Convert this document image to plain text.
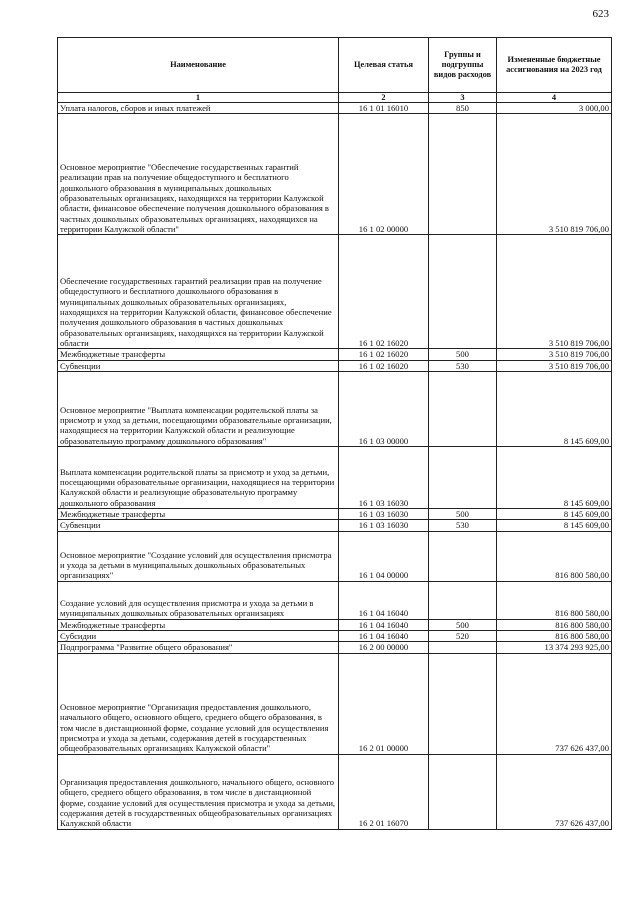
623
Наименование	Целевая статья	Группы и подгруппы видов расходов	Измененные бюджетные ассигнования на 2023 год
1	2	3	4
Уплата налогов, сборов и иных платежей	16 1 01 16010	850	3 000,00
Основное мероприятие "Обеспечение государственных гарантий реализации прав на получение общедоступного и бесплатного дошкольного образования в муниципальных дошкольных образовательных организациях, находящихся на территории Калужской области, финансовое обеспечение получения дошкольного образования в частных дошкольных образовательных организациях, находящихся на территории Калужской области"	16 1 02 00000		3 510 819 706,00
Обеспечение государственных гарантий реализации прав на получение общедоступного и бесплатного дошкольного образования в муниципальных дошкольных образовательных организациях, находящихся на территории Калужской области, финансовое обеспечение получения дошкольного образования в частных дошкольных образовательных организациях, находящихся на территории Калужской области	16 1 02 16020		3 510 819 706,00
Межбюджетные трансферты	16 1 02 16020	500	3 510 819 706,00
Субвенции	16 1 02 16020	530	3 510 819 706,00
Основное мероприятие "Выплата компенсации родительской платы за присмотр и уход за детьми, посещающими образовательные организации, находящиеся на территории Калужской области и реализующие образовательную программу дошкольного образования"	16 1 03 00000		8 145 609,00
Выплата компенсации родительской платы за присмотр и уход за детьми, посещающими образовательные организации, находящиеся на территории Калужской области и реализующие образовательную программу дошкольного образования	16 1 03 16030		8 145 609,00
Межбюджетные трансферты	16 1 03 16030	500	8 145 609,00
Субвенции	16 1 03 16030	530	8 145 609,00
Основное мероприятие "Создание условий для осуществления присмотра и ухода за детьми в муниципальных дошкольных образовательных организациях"	16 1 04 00000		816 800 580,00
Создание условий для осуществления присмотра и ухода за детьми в муниципальных дошкольных образовательных организациях	16 1 04 16040		816 800 580,00
Межбюджетные трансферты	16 1 04 16040	500	816 800 580,00
Субсидии	16 1 04 16040	520	816 800 580,00
Подпрограмма "Развитие общего образования"	16 2 00 00000		13 374 293 925,00
Основное мероприятие "Организация предоставления дошкольного, начального общего, основного общего, среднего общего образования, в том числе в дистанционной форме, создание условий для осуществления присмотра и ухода за детьми, содержания детей в государственных общеобразовательных организациях Калужской области"	16 2 01 00000		737 626 437,00
Организация предоставления дошкольного, начального общего, основного общего, среднего общего образования, в том числе в дистанционной форме, создание условий для осуществления присмотра и ухода за детьми, содержания детей в государственных общеобразовательных организациях Калужской области	16 2 01 16070		737 626 437,00
